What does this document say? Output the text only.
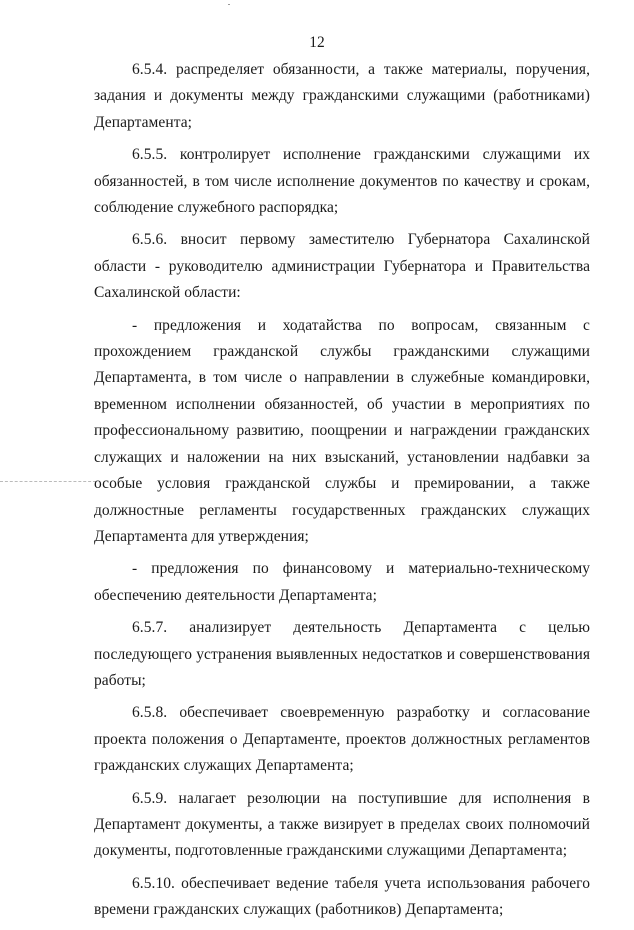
12

6.5.4. распределяет обязанности, а также материалы, поручения, задания и документы между гражданскими служащими (работниками) Департамента;

6.5.5. контролирует исполнение гражданскими служащими их обязанностей, в том числе исполнение документов по качеству и срокам, соблюдение служебного распорядка;

6.5.6. вносит первому заместителю Губернатора Сахалинской области - руководителю администрации Губернатора и Правительства Сахалинской области:

- предложения и ходатайства по вопросам, связанным с прохождением гражданской службы гражданскими служащими Департамента, в том числе о направлении в служебные командировки, временном исполнении обязанностей, об участии в мероприятиях по профессиональному развитию, поощрении и награждении гражданских служащих и наложении на них взысканий, установлении надбавки за особые условия гражданской службы и премировании, а также должностные регламенты государственных гражданских служащих Департамента для утверждения;

- предложения по финансовому и материально-техническому обеспечению деятельности Департамента;

6.5.7. анализирует деятельность Департамента с целью последующего устранения выявленных недостатков и совершенствования работы;

6.5.8. обеспечивает своевременную разработку и согласование проекта положения о Департаменте, проектов должностных регламентов гражданских служащих Департамента;

6.5.9. налагает резолюции на поступившие для исполнения в Департамент документы, а также визирует в пределах своих полномочий документы, подготовленные гражданскими служащими Департамента;

6.5.10. обеспечивает ведение табеля учета использования рабочего времени гражданских служащих (работников) Департамента;
